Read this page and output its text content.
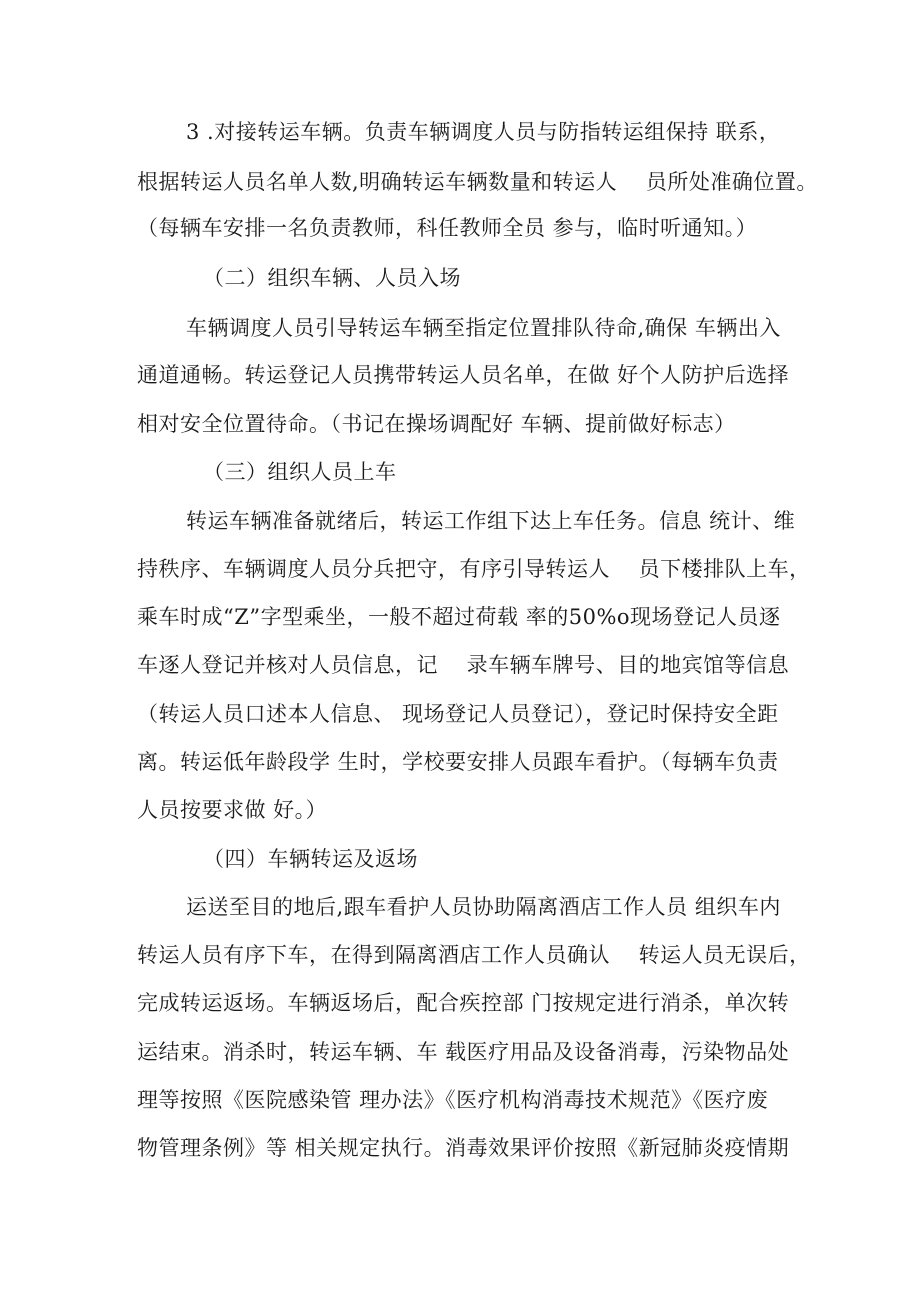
3 .对接转运车辆。负责车辆调度人员与防指转运组保持 联系，
根据转运人员名单人数,明确转运车辆数量和转运人　 员所处准确位置。
（每辆车安排一名负责教师，科任教师全员 参与，临时听通知。）
（二）组织车辆、人员入场
车辆调度人员引导转运车辆至指定位置排队待命,确保 车辆出入
通道通畅。转运登记人员携带转运人员名单，在做 好个人防护后选择
相对安全位置待命。（书记在操场调配好 车辆、提前做好标志）
（三）组织人员上车
转运车辆准备就绪后，转运工作组下达上车任务。信息 统计、维
持秩序、车辆调度人员分兵把守，有序引导转运人　 员下楼排队上车，
乘车时成“Z”字型乘坐，一般不超过荷载 率的50%o现场登记人员逐
车逐人登记并核对人员信息，记　 录车辆车牌号、目的地宾馆等信息
（转运人员口述本人信息、 现场登记人员登记），登记时保持安全距
离。转运低年龄段学 生时，学校要安排人员跟车看护。（每辆车负责
人员按要求做 好。）
（四）车辆转运及返场
运送至目的地后,跟车看护人员协助隔离酒店工作人员 组织车内
转运人员有序下车，在得到隔离酒店工作人员确认　 转运人员无误后，
完成转运返场。车辆返场后，配合疾控部 门按规定进行消杀，单次转
运结束。消杀时，转运车辆、车 载医疗用品及设备消毒，污染物品处
理等按照《医院感染管 理办法》《医疗机构消毒技术规范》《医疗废
物管理条例》等 相关规定执行。消毒效果评价按照《新冠肺炎疫情期
